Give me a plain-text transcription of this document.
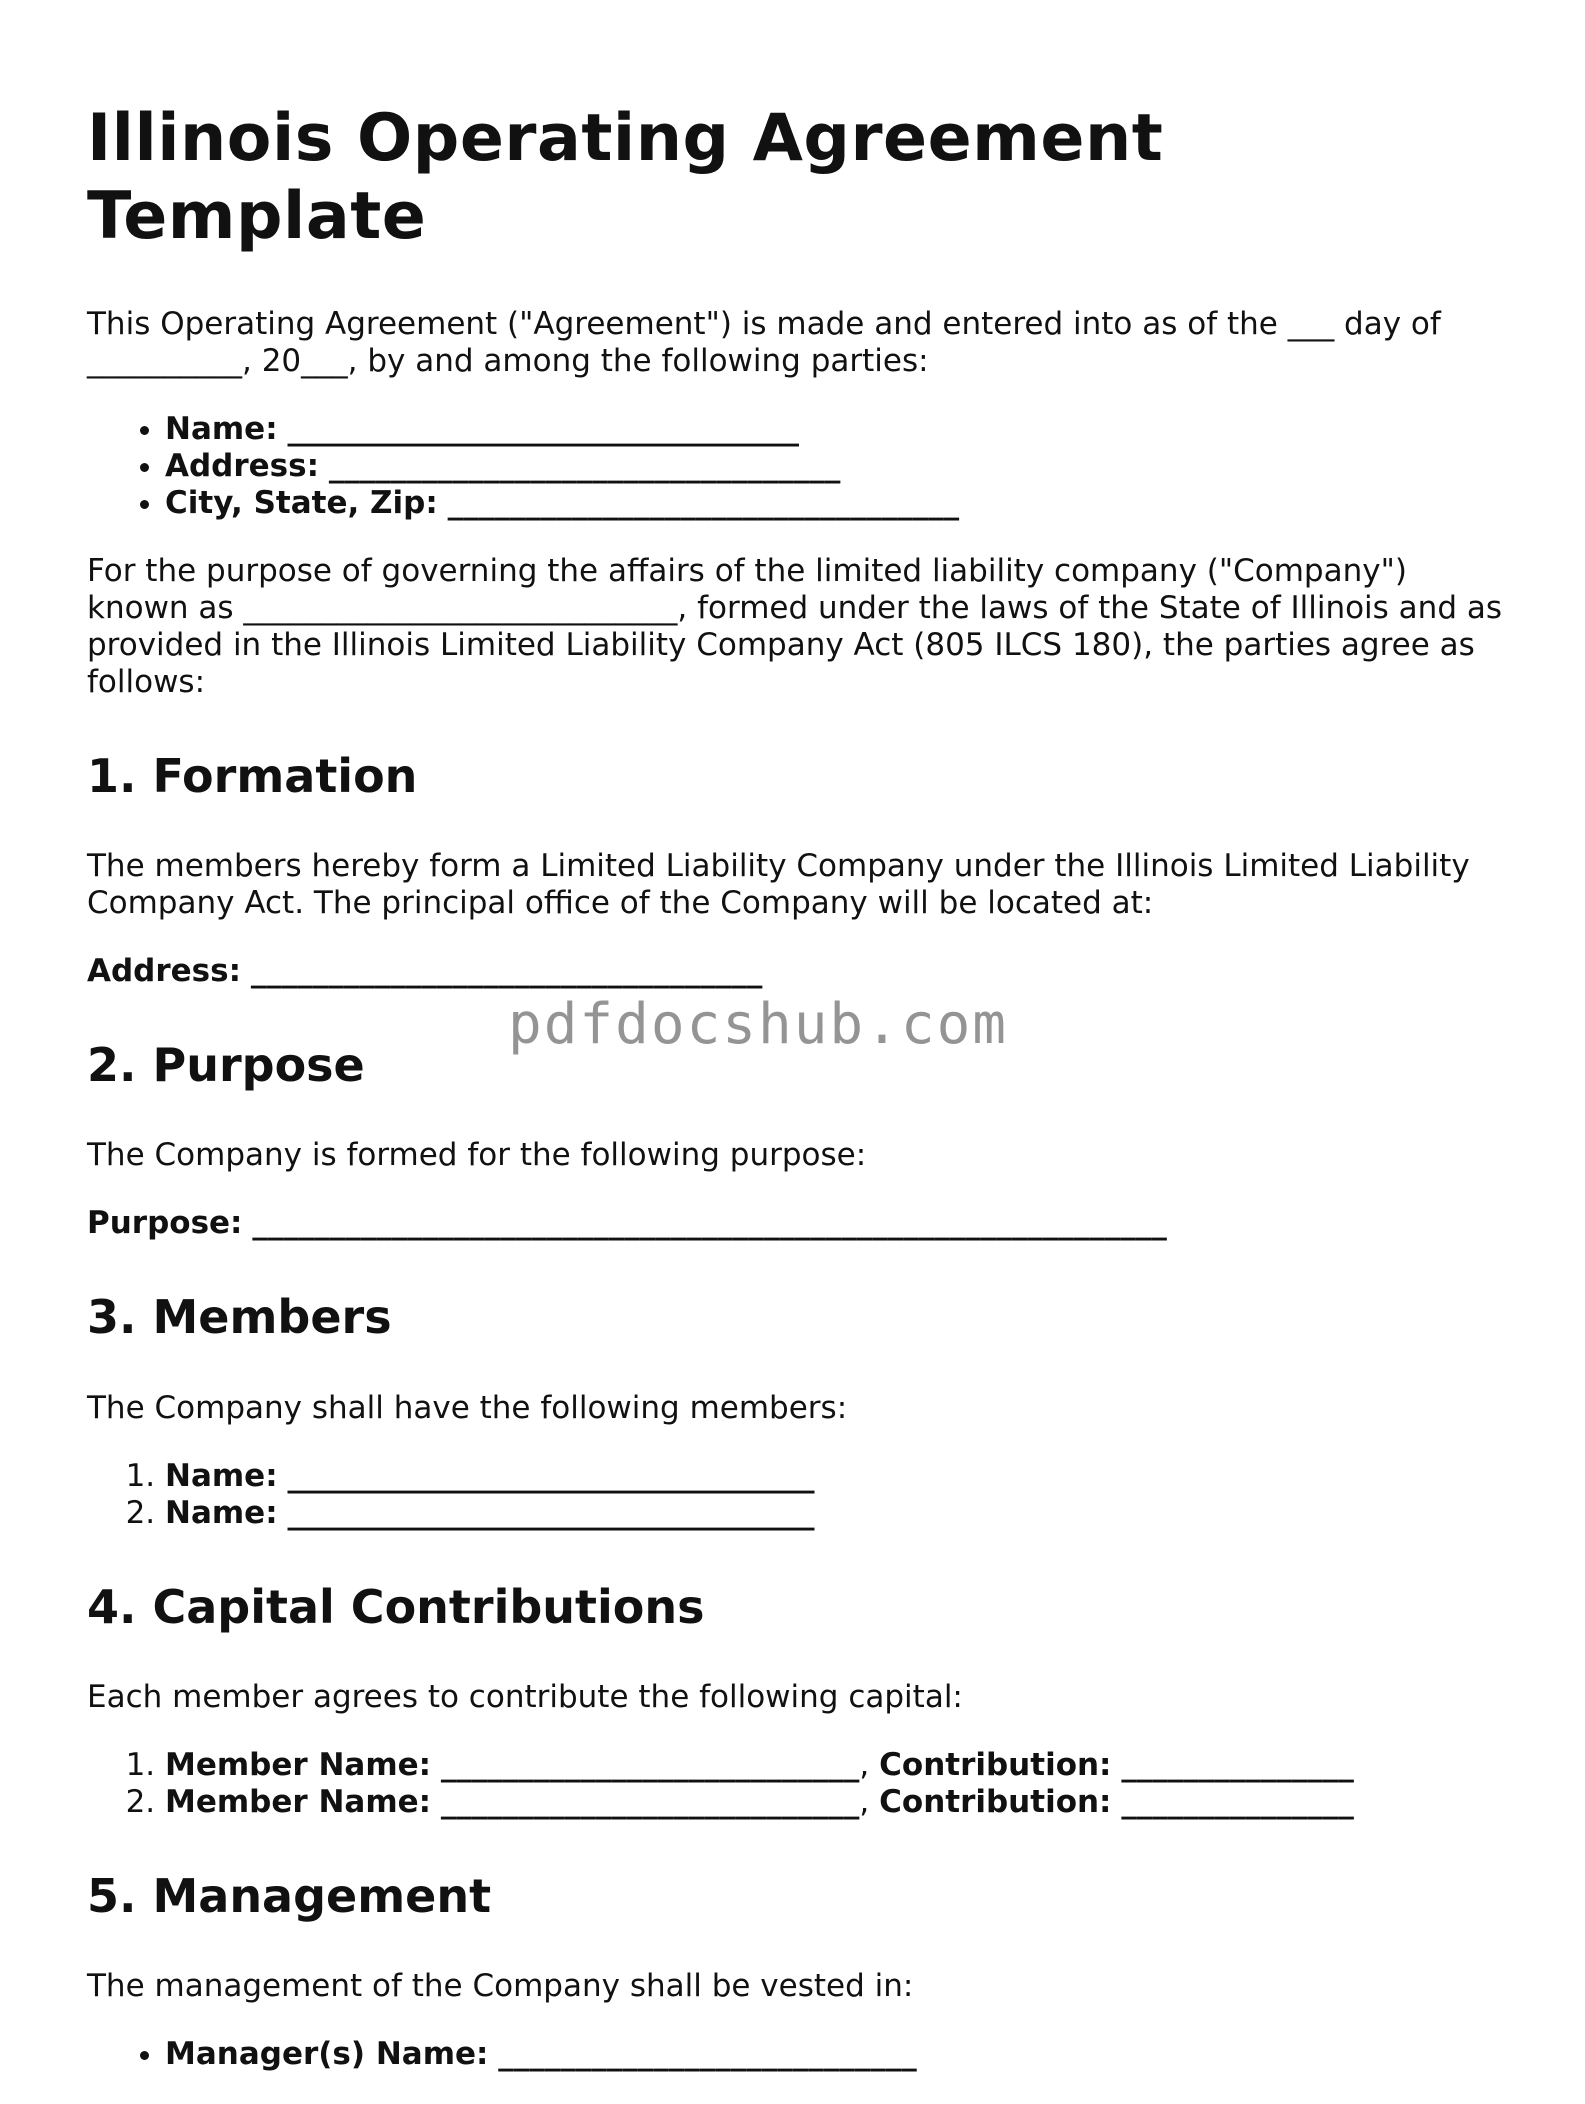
Illinois Operating Agreement Template

This Operating Agreement ("Agreement") is made and entered into as of the ___ day of __________, 20___, by and among the following parties:

• Name: _________________________________
• Address: _________________________________
• City, State, Zip: _________________________________

For the purpose of governing the affairs of the limited liability company ("Company") known as ____________________________, formed under the laws of the State of Illinois and as provided in the Illinois Limited Liability Company Act (805 ILCS 180), the parties agree as follows:

1. Formation

The members hereby form a Limited Liability Company under the Illinois Limited Liability Company Act. The principal office of the Company will be located at:

Address: _________________________________
2. Purpose

The Company is formed for the following purpose:

Purpose: ___________________________________________________________
3. Members

The Company shall have the following members:

1. Name: __________________________________
2. Name: __________________________________
4. Capital Contributions

Each member agrees to contribute the following capital:

1. Member Name: ___________________________, Contribution: _______________
2. Member Name: ___________________________, Contribution: _______________
5. Management

The management of the Company shall be vested in:

• Manager(s) Name: ___________________________
pdfdocshub.com
